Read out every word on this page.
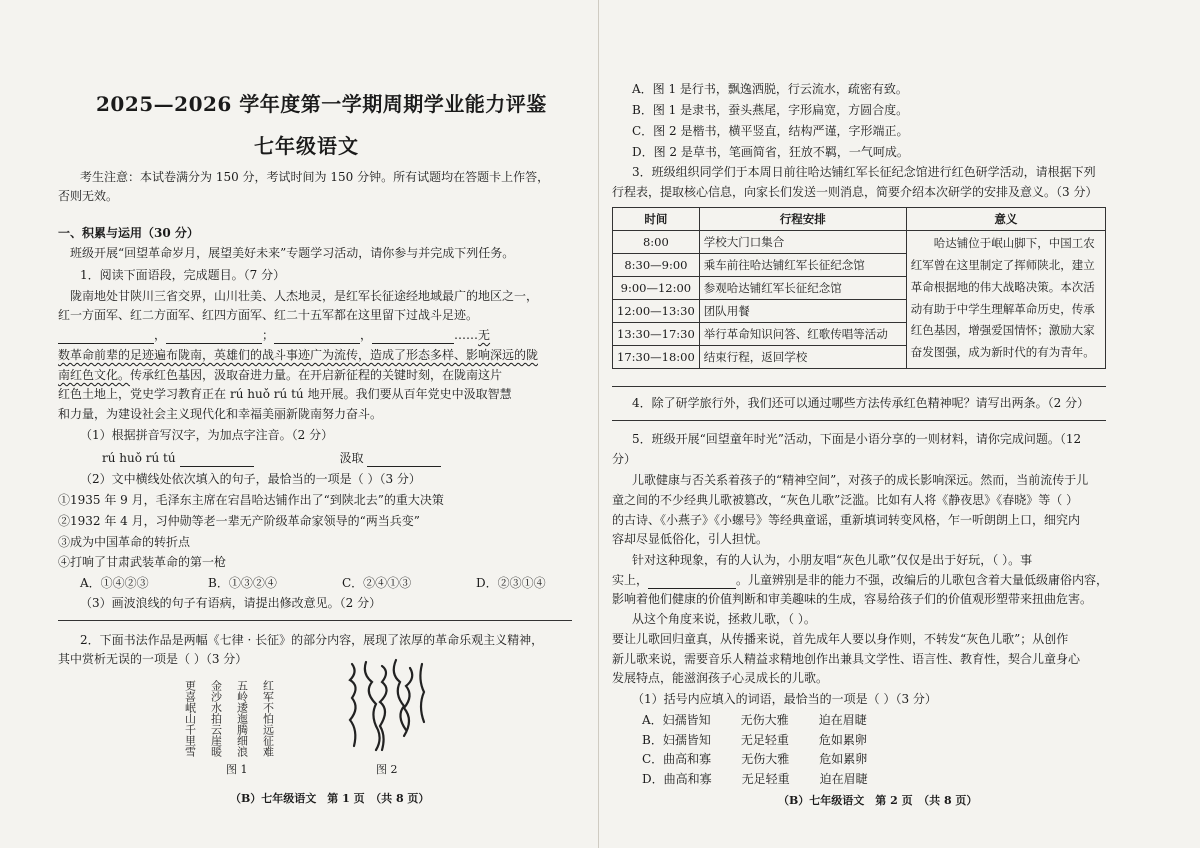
2025—2026 学年度第一学期周期学业能力评鉴
七年级语文
考生注意：本试卷满分为 150 分，考试时间为 150 分钟。所有试题均在答题卡上作答，
否则无效。
一、积累与运用（30 分）
班级开展“回望革命岁月，展望美好未来”专题学习活动，请你参与并完成下列任务。
1．阅读下面语段，完成题目。（7 分）
陇南地处甘陕川三省交界，山川壮美、人杰地灵，是红军长征途经地域最广的地区之一，
红一方面军、红二方面军、红四方面军、红二十五军都在这里留下过战斗足迹。
，	；	，	……无
数革命前辈的足迹遍布陇南，英雄们的战斗事迹广为流传，造成了形态多样、影响深远的陇
南红色文化。传承红色基因，汲取奋进力量。在开启新征程的关键时刻，在陇南这片
红色土地上，党史学习教育正在 rú huǒ rú tú 地开展。我们要从百年党史中汲取智慧
和力量，为建设社会主义现代化和幸福美丽新陇南努力奋斗。
（1）根据拼音写汉字，为加点字注音。（2 分）
rú huǒ rú tú	汲取
（2）文中横线处依次填入的句子，最恰当的一项是（ ）（3 分）
①1935 年 9 月，毛泽东主席在宕昌哈达铺作出了“到陕北去”的重大决策
②1932 年 4 月，习仲勋等老一辈无产阶级革命家领导的“两当兵变”
③成为中国革命的转折点
④打响了甘肃武装革命的第一枪
A．①④②③	B．①③②④	C．②④①③	D．②③①④
（3）画波浪线的句子有语病，请提出修改意见。（2 分）
2．下面书法作品是两幅《七律 · 长征》的部分内容，展现了浓厚的革命乐观主义精神，
其中赏析无误的一项是（ ）（3 分）
更喜岷山千里雪 金沙水拍云崖暖 五岭逶迤腾细浪 红军不怕远征难
图 1	图 2
（B）七年级语文　第 1 页　（共 8 页）
A．图 1 是行书，飘逸洒脱，行云流水，疏密有致。
B．图 1 是隶书，蚕头燕尾，字形扁宽，方圆合度。
C．图 2 是楷书，横平竖直，结构严谨，字形端正。
D．图 2 是草书，笔画简省，狂放不羁，一气呵成。
3．班级组织同学们于本周日前往哈达铺红军长征纪念馆进行红色研学活动，请根据下列
行程表，提取核心信息，向家长们发送一则消息，简要介绍本次研学的安排及意义。（3 分）
时间	行程安排	意义
8:00	学校大门口集合	哈达铺位于岷山脚下，中国工农红军曾在这里制定了挥师陕北，建立革命根据地的伟大战略决策。本次活动有助于中学生理解革命历史，传承红色基因，增强爱国情怀；激励大家奋发图强，成为新时代的有为青年。
8:30—9:00	乘车前往哈达铺红军长征纪念馆	
9:00—12:00	参观哈达铺红军长征纪念馆	
12:00—13:30	团队用餐	
13:30—17:30	举行革命知识问答、红歌传唱等活动	
17:30—18:00	结束行程，返回学校	
4．除了研学旅行外，我们还可以通过哪些方法传承红色精神呢？请写出两条。（2 分）
5．班级开展“回望童年时光”活动，下面是小语分享的一则材料，请你完成问题。（12
分）
儿歌健康与否关系着孩子的“精神空间”，对孩子的成长影响深远。然而，当前流传于儿
童之间的不少经典儿歌被篡改，“灰色儿歌”泛滥。比如有人将《静夜思》《春晓》等（ ）
的古诗、《小燕子》《小螺号》等经典童谣，重新填词转变风格，乍一听朗朗上口，细究内
容却尽显低俗化，引人担忧。
针对这种现象，有的人认为，小朋友唱“灰色儿歌”仅仅是出于好玩，（ ）。事
实上，	。儿童辨别是非的能力不强，改编后的儿歌包含着大量低级庸俗内容，
影响着他们健康的价值判断和审美趣味的生成，容易给孩子们的价值观形塑带来扭曲危害。
从这个角度来说，拯救儿歌，（ ）。
要让儿歌回归童真，从传播来说，首先成年人要以身作则，不转发“灰色儿歌”；从创作
新儿歌来说，需要音乐人精益求精地创作出兼具文学性、语言性、教育性，契合儿童身心
发展特点，能滋润孩子心灵成长的儿歌。
（1）括号内应填入的词语，最恰当的一项是（ ）（3 分）
A．妇孺皆知	无伤大雅	迫在眉睫
B．妇孺皆知	无足轻重	危如累卵
C．曲高和寡	无伤大雅	危如累卵
D．曲高和寡	无足轻重	迫在眉睫
（B）七年级语文　第 2 页　（共 8 页）
